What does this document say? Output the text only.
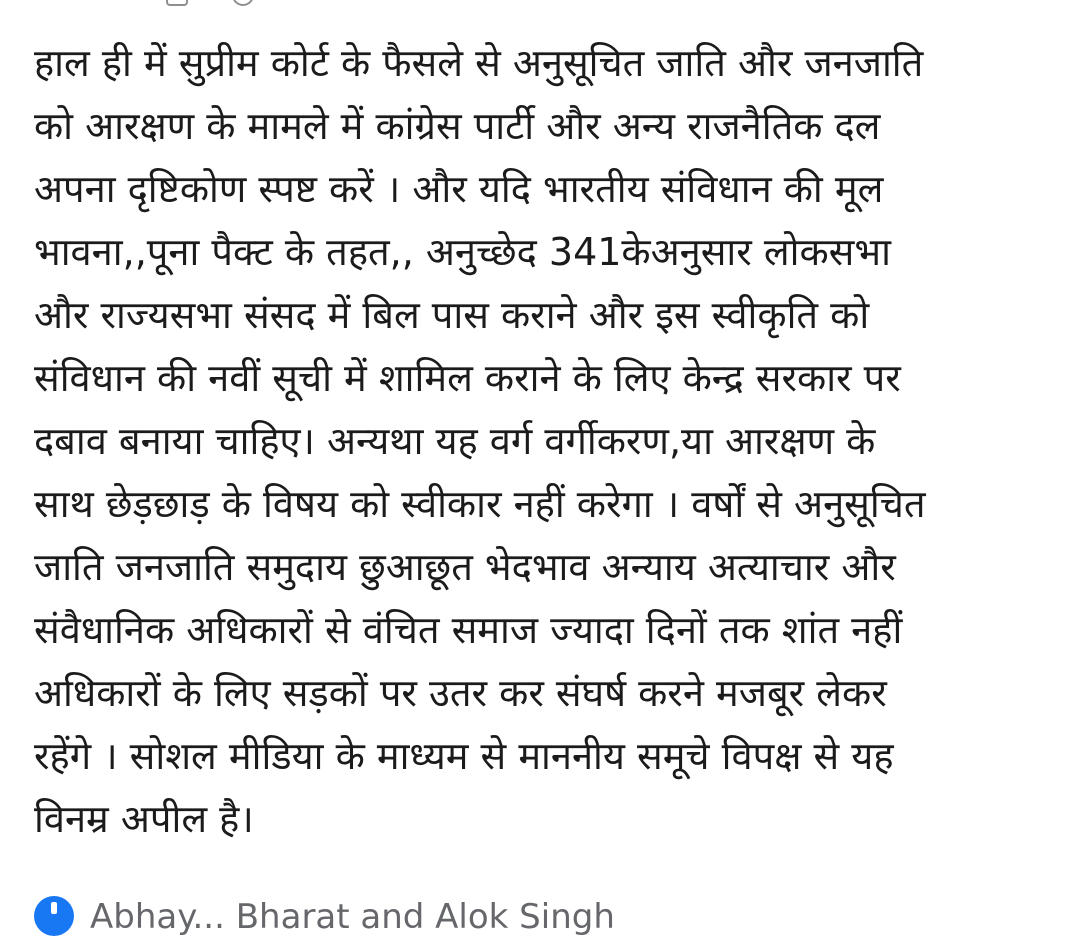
हाल ही में सुप्रीम कोर्ट के फैसले से अनुसूचित जाति और जनजाति
को आरक्षण के मामले में कांग्रेस पार्टी और अन्य राजनैतिक दल
अपना दृष्टिकोण स्पष्ट करें । और यदि भारतीय संविधान की मूल
भावना,,पूना पैक्ट के तहत,, अनुच्छेद 341केअनुसार लोकसभा
और राज्यसभा संसद में बिल पास कराने और इस स्वीकृति को
संविधान की नवीं सूची में शामिल कराने के लिए केन्द्र सरकार पर
दबाव बनाया चाहिए। अन्यथा यह वर्ग वर्गीकरण,या आरक्षण के
साथ छेड़छाड़ के विषय को स्वीकार नहीं करेगा । वर्षों से अनुसूचित
जाति जनजाति समुदाय छुआछूत भेदभाव अन्याय अत्याचार और
संवैधानिक अधिकारों से वंचित समाज ज्यादा दिनों तक शांत नहीं
अधिकारों के लिए सड़कों पर उतर कर संघर्ष करने मजबूर लेकर
रहेंगे । सोशल मीडिया के माध्यम से माननीय समूचे विपक्ष से यह
विनम्र अपील है।

Abhay... Bharat and Alok Singh
